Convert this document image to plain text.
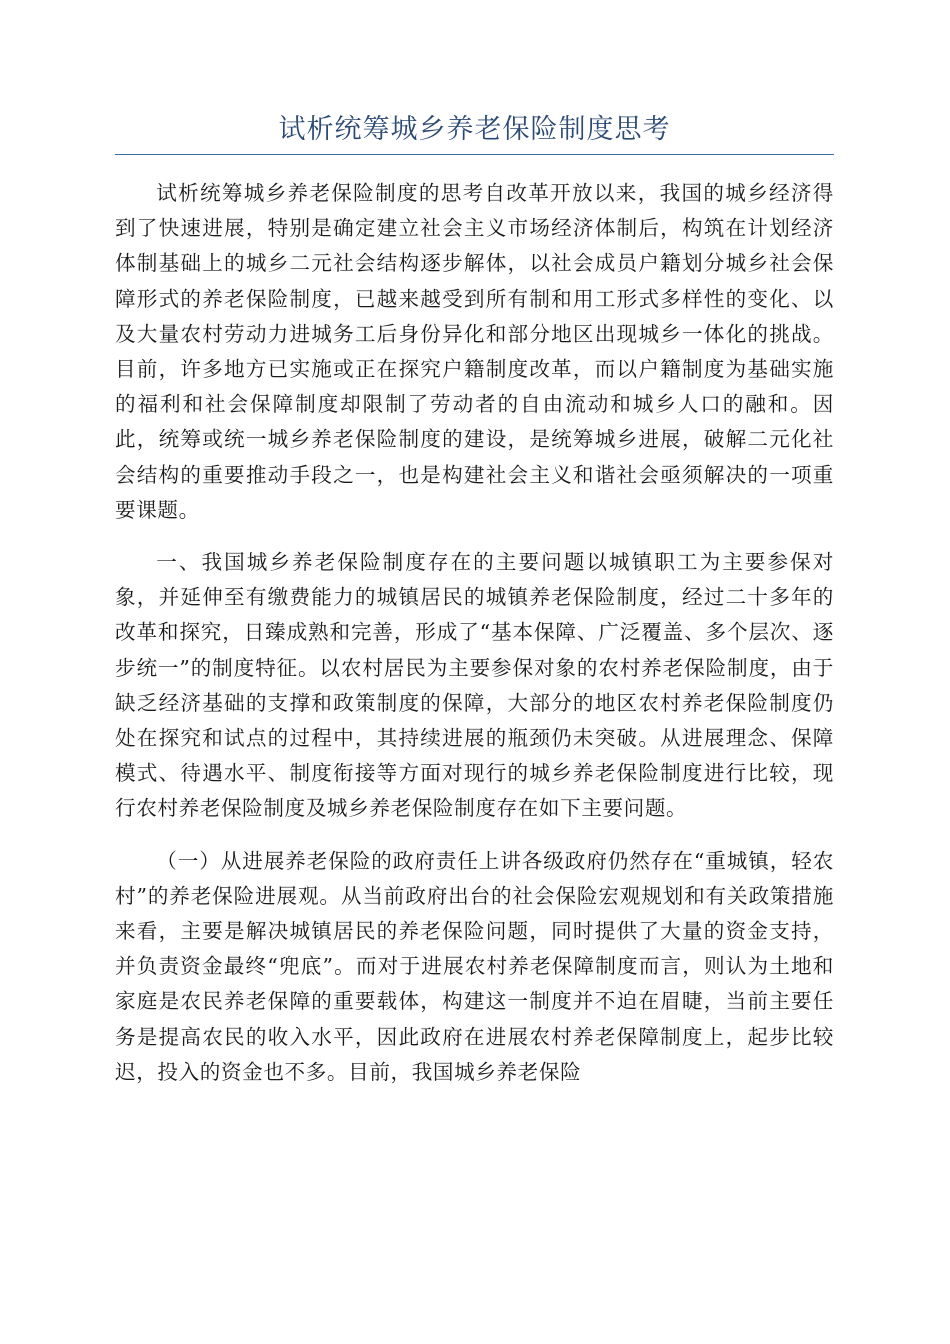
试析统筹城乡养老保险制度思考

试析统筹城乡养老保险制度的思考自改革开放以来，我国的城乡经济得到了快速进展，特别是确定建立社会主义市场经济体制后，构筑在计划经济体制基础上的城乡二元社会结构逐步解体，以社会成员户籍划分城乡社会保障形式的养老保险制度，已越来越受到所有制和用工形式多样性的变化、以及大量农村劳动力进城务工后身份异化和部分地区出现城乡一体化的挑战。目前，许多地方已实施或正在探究户籍制度改革，而以户籍制度为基础实施的福利和社会保障制度却限制了劳动者的自由流动和城乡人口的融和。因此，统筹或统一城乡养老保险制度的建设，是统筹城乡进展，破解二元化社会结构的重要推动手段之一，也是构建社会主义和谐社会亟须解决的一项重要课题。

一、我国城乡养老保险制度存在的主要问题以城镇职工为主要参保对象，并延伸至有缴费能力的城镇居民的城镇养老保险制度，经过二十多年的改革和探究，日臻成熟和完善，形成了“基本保障、广泛覆盖、多个层次、逐步统一”的制度特征。以农村居民为主要参保对象的农村养老保险制度，由于缺乏经济基础的支撑和政策制度的保障，大部分的地区农村养老保险制度仍处在探究和试点的过程中，其持续进展的瓶颈仍未突破。从进展理念、保障模式、待遇水平、制度衔接等方面对现行的城乡养老保险制度进行比较，现行农村养老保险制度及城乡养老保险制度存在如下主要问题。

（一）从进展养老保险的政府责任上讲各级政府仍然存在“重城镇，轻农村”的养老保险进展观。从当前政府出台的社会保险宏观规划和有关政策措施来看，主要是解决城镇居民的养老保险问题，同时提供了大量的资金支持，并负责资金最终“兜底”。而对于进展农村养老保障制度而言，则认为土地和家庭是农民养老保障的重要载体，构建这一制度并不迫在眉睫，当前主要任务是提高农民的收入水平，因此政府在进展农村养老保障制度上，起步比较迟，投入的资金也不多。目前，我国城乡养老保险
